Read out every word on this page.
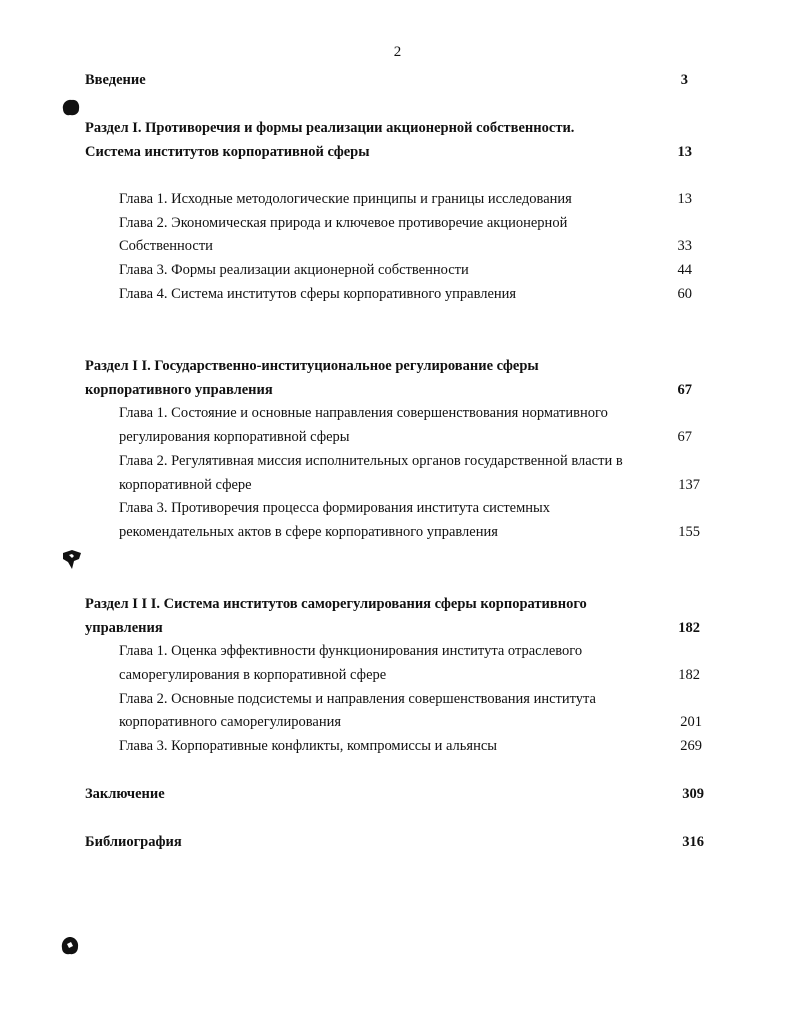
2
Введение	3
Раздел I. Противоречия и формы реализации акционерной собственности.
Система институтов корпоративной сферы	13
Глава 1. Исходные методологические принципы и границы исследования	13
Глава 2. Экономическая природа и ключевое противоречие акционерной
Собственности	33
Глава 3. Формы реализации акционерной собственности	44
Глава 4. Система институтов сферы корпоративного управления	60
Раздел I I. Государственно-институциональное регулирование сферы
корпоративного управления	67
Глава 1. Состояние и основные направления совершенствования нормативного
регулирования корпоративной сферы	67
Глава 2. Регулятивная миссия исполнительных органов государственной власти в
корпоративной сфере	137
Глава 3. Противоречия процесса формирования института системных
рекомендательных актов в сфере корпоративного управления	155
Раздел I I I. Система институтов саморегулирования сферы корпоративного
управления	182
Глава 1. Оценка эффективности функционирования института отраслевого
саморегулирования в корпоративной сфере	182
Глава 2. Основные подсистемы и направления совершенствования института
корпоративного саморегулирования	201
Глава 3. Корпоративные конфликты, компромиссы и альянсы	269
Заключение	309
Библиография	316
